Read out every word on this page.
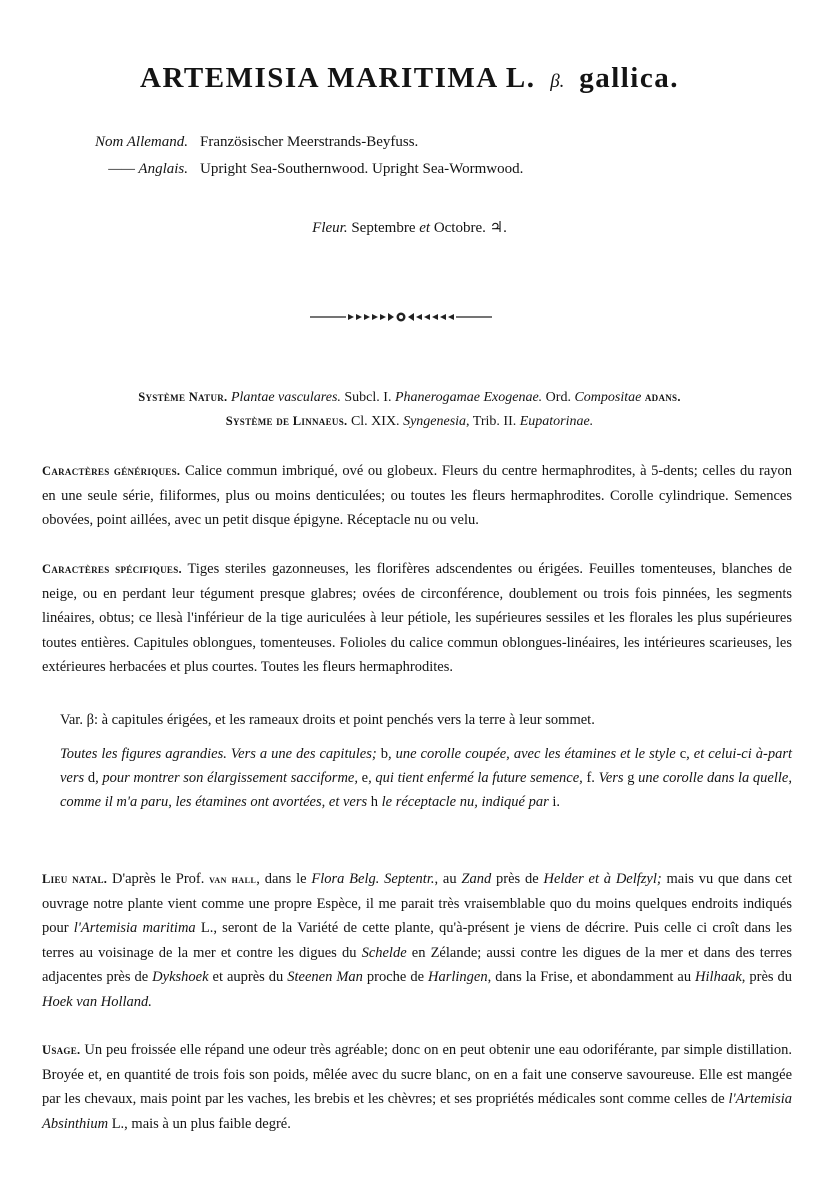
ARTEMISIA MARITIMA L. β. gallica.
Nom Allemand. Französischer Meerstrands-Beyfuss.
—— Anglais. Upright Sea-Southernwood. Upright Sea-Wormwood.
Fleur. Septembre et Octobre. ♃.
Système Natur. Plantae vasculares. Subcl. I. Phanerogamae Exogenae. Ord. Compositae adans.
Système de Linnaeus. Cl. XIX. Syngenesia, Trib. II. Eupatorinae.

Caractères génériques. Calice commun imbriqué, ové ou globeux. Fleurs du centre hermaphrodites, à 5-dents; celles du rayon en une seule série, filiformes, plus ou moins denticulées; ou toutes les fleurs hermaphrodites. Corolle cylindrique. Semences obovées, point aillées, avec un petit disque épigyne. Réceptacle nu ou velu.

Caractères spécifiques. Tiges steriles gazonneuses, les florifères adscendentes ou érigées. Feuilles tomenteuses, blanches de neige, ou en perdant leur tégument presque glabres; ovées de circonférence, doublement ou trois fois pinnées, les segments linéaires, obtus; ce llesà l'inférieur de la tige auriculées à leur pétiole, les supérieures sessiles et les florales les plus supérieures toutes entières. Capitules oblongues, tomenteuses. Folioles du calice commun oblongues-linéaires, les intérieures scarieuses, les extérieures herbacées et plus courtes. Toutes les fleurs hermaphrodites.

Var. β: à capitules érigées, et les rameaux droits et point penchés vers la terre à leur sommet.

Toutes les figures agrandies. Vers a une des capitules; b, une corolle coupée, avec les étamines et le style c, et celui-ci à-part vers d, pour montrer son élargissement sacciforme, e, qui tient enfermé la future semence, f. Vers g une corolle dans la quelle, comme il m'a paru, les étamines ont avortées, et vers h le réceptacle nu, indiqué par i.

Lieu natal. D'après le Prof. van hall, dans le Flora Belg. Septentr., au Zand près de Helder et à Delfzyl; mais vu que dans cet ouvrage notre plante vient comme une propre Espèce, il me parait très vraisemblable quo du moins quelques endroits indiqués pour l'Artemisia maritima L., seront de la Variété de cette plante, qu'à-présent je viens de décrire. Puis celle ci croît dans les terres au voisinage de la mer et contre les digues du Schelde en Zélande; aussi contre les digues de la mer et dans des terres adjacentes près de Dykshoek et auprès du Steenen Man proche de Harlingen, dans la Frise, et abondamment au Hilhaak, près du Hoek van Holland.

Usage. Un peu froissée elle répand une odeur très agréable; donc on en peut obtenir une eau odoriférante, par simple distillation. Broyée et, en quantité de trois fois son poids, mêlée avec du sucre blanc, on en a fait une conserve savoureuse. Elle est mangée par les chevaux, mais point par les vaches, les brebis et les chèvres; et ses propriétés médicales sont comme celles de l'Artemisia Absinthium L., mais à un plus faible degré.
